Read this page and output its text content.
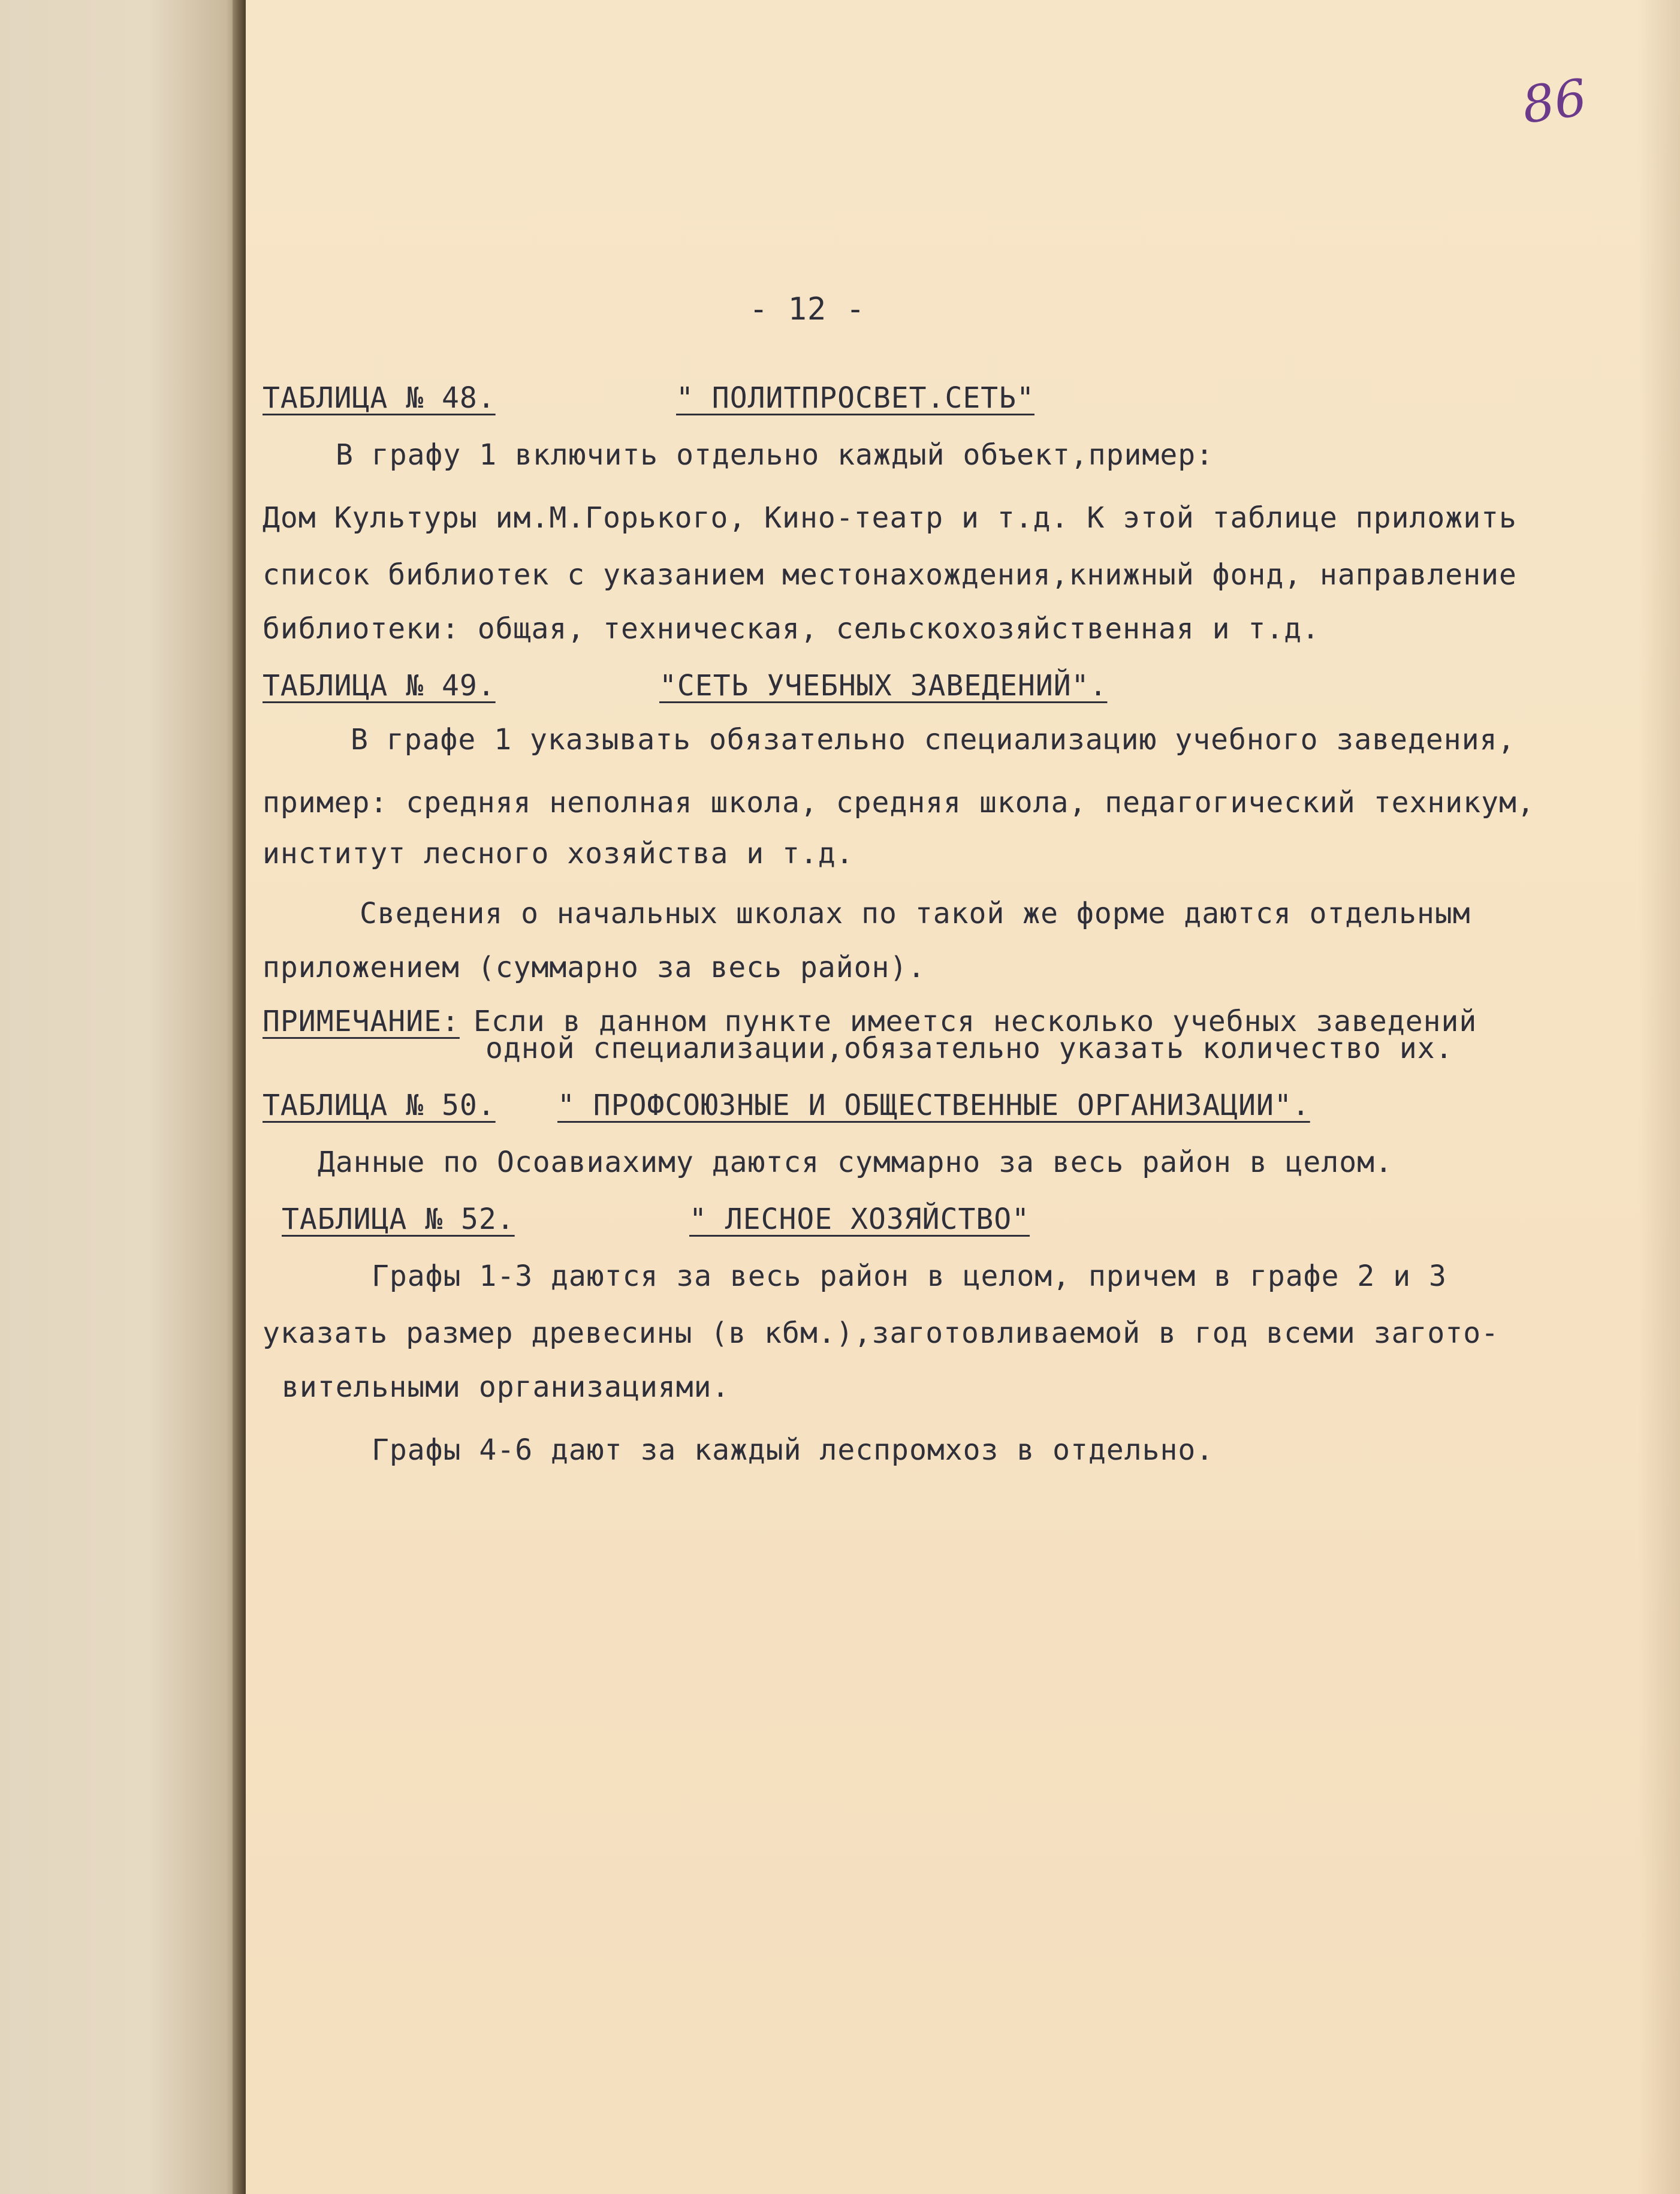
86
- 12 -
ТАБЛИЦА № 48.	" ПОЛИТПРОСВЕТ.СЕТЬ"
В графу 1 включить отдельно каждый объект,пример:
Дом Культуры им.М.Горького, Кино-театр и т.д. К этой таблице приложить
список библиотек с указанием местонахождения,книжный фонд, направление
библиотеки: общая, техническая, сельскохозяйственная и т.д.
ТАБЛИЦА № 49.	"СЕТЬ УЧЕБНЫХ ЗАВЕДЕНИЙ".
В графе 1 указывать обязательно специализацию учебного заведения,
пример: средняя неполная школа, средняя школа, педагогический техникум,
институт лесного хозяйства и т.д.
Сведения о начальных школах по такой же форме даются отдельным
приложением (суммарно за весь район).
ПРИМЕЧАНИЕ: Если в данном пункте имеется несколько учебных заведений
одной специализации,обязательно указать количество их.
ТАБЛИЦА № 50. " ПРОФСОЮЗНЫЕ И ОБЩЕСТВЕННЫЕ ОРГАНИЗАЦИИ".
Данные по Осоавиахиму даются суммарно за весь район в целом.
ТАБЛИЦА № 52.	" ЛЕСНОЕ ХОЗЯЙСТВО"
Графы 1-3 даются за весь район в целом, причем в графе 2 и 3
указать размер древесины (в кбм.),заготовливаемой в год всеми загото-
вительными организациями.
Графы 4-6 дают за каждый леспромхоз в отдельно.
